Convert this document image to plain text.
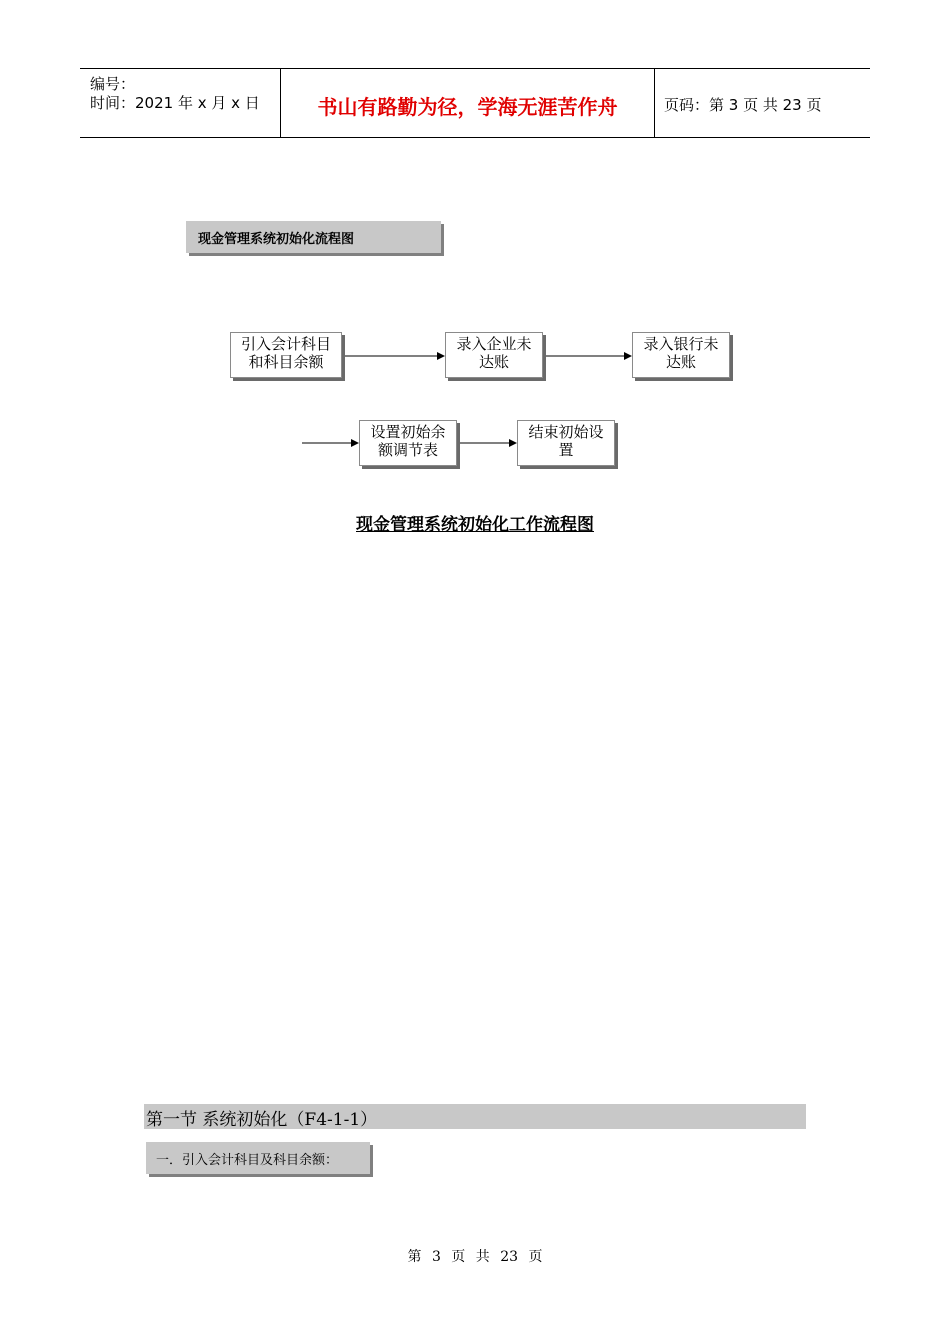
编号：
时间：2021 年 x 月 x 日	书山有路勤为径，学海无涯苦作舟	页码：第 3 页 共 23 页
现金管理系统初始化流程图
引入会计科目
和科目余额
录入企业未
达账
录入银行未
达账
设置初始余
额调节表
结束初始设
置
现金管理系统初始化工作流程图
第一节 系统初始化（F4-1-1）
一．引入会计科目及科目余额：
第 3 页 共 23 页
